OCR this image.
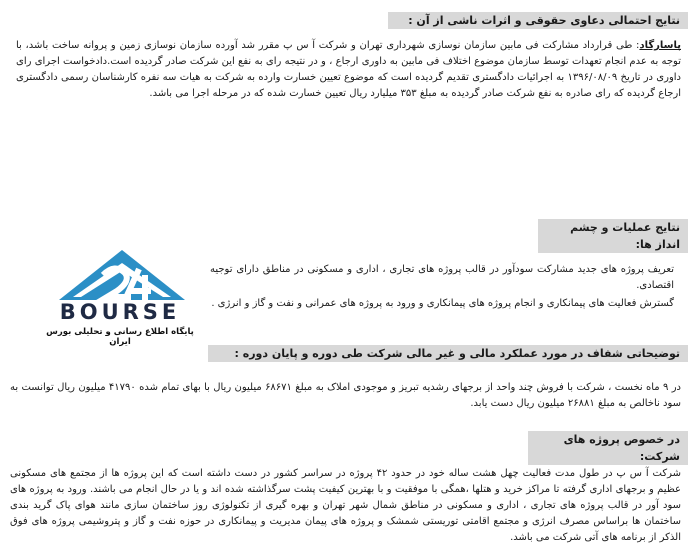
نتایج احتمالی دعاوی حقوقی و اثرات ناشی از آن :

پاسارگاد: طی قرارداد مشارکت فی مابین سازمان نوسازی شهرداری تهران و شرکت آ س پ مقرر شد آورده سازمان نوسازی زمین و پروانه ساخت باشد، با توجه به عدم انجام تعهدات توسط سازمان موضوع اختلاف فی مابین به داوری ارجاع ، و در نتیجه رای به نفع این شرکت صادر گردیده است.دادخواست اجرای رای داوری در تاریخ ۱۳۹۶/۰۸/۰۹ به اجرائیات دادگستری تقدیم گردیده است که موضوع تعیین خسارت وارده به شرکت به هیات سه نفره کارشناسان رسمی دادگستری ارجاع گردیده که رای صادره به نفع شرکت صادر گردیده به مبلغ ۳۵۳ میلیارد ریال تعیین خسارت شده که در مرحله اجرا می باشد.

نتایج عملیات و چشم انداز ها:

تعریف پروژه های جدید مشارکت سودآور در قالب پروژه های تجاری ، اداری و مسکونی در مناطق دارای توجیه اقتصادی.

گسترش فعالیت های پیمانکاری و انجام پروژه های پیمانکاری و ورود به پروژه های عمرانی و نفت و گاز و انرژی .

BOURSE
پایگاه اطلاع رسانی و تحلیلی بورس ایران
توضیحاتی شفاف در مورد عملکرد مالی و غیر مالی شرکت طی دوره و پایان دوره :

در ۹ ماه نخست ، شرکت با فروش چند واحد از برجهای رشدیه تبریز و موجودی املاک به مبلغ ۶۸۶۷۱ میلیون ریال با بهای تمام شده ۴۱۷۹۰ میلیون ریال توانست به سود ناخالص به مبلغ ۲۶۸۸۱ میلیون ریال دست یابد.

در خصوص پروژه های شرکت:

شرکت آ س پ در طول مدت فعالیت چهل هشت ساله خود در حدود ۴۲ پروژه در سراسر کشور در دست داشته است که این پروژه ها از مجتمع های مسکونی عظیم و برجهای اداری گرفته تا مراکز خرید و هتلها ،همگی با موفقیت و با بهترین کیفیت پشت سرگذاشته شده اند و یا در حال انجام می باشند. ورود به پروژه های سود آور در قالب پروژه های تجاری ، اداری و مسکونی در مناطق شمال شهر تهران و بهره گیری از تکنولوژی روز ساختمان سازی مانند هوای پاک گرید بندی ساختمان ها براساس مصرف انرژی و مجتمع اقامتی توریستی شمشک و پروژه های پیمان مدیریت و پیمانکاری در حوزه نفت و گاز و پتروشیمی پروژه های فوق الذکر از برنامه های آتی شرکت می باشد.
